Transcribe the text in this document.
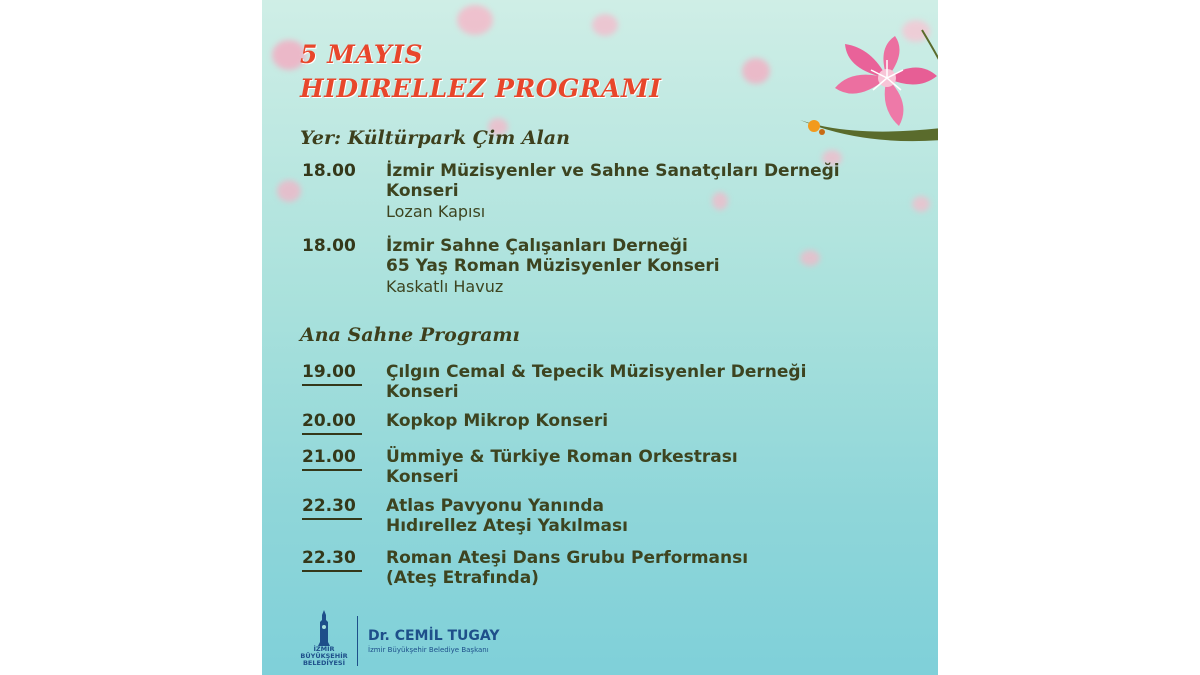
5 MAYIS
HIDIRELLEZ PROGRAMI
Yer: Kültürpark Çim Alan
18.00	İzmir Müzisyenler ve Sahne Sanatçıları Derneği
Konseri
Lozan Kapısı
18.00	İzmir Sahne Çalışanları Derneği
65 Yaş Roman Müzisyenler Konseri
Kaskatlı Havuz
Ana Sahne Programı
19.00	Çılgın Cemal & Tepecik Müzisyenler Derneği
Konseri
20.00	Kopkop Mikrop Konseri
21.00	Ümmiye & Türkiye Roman Orkestrası
Konseri
22.30	Atlas Pavyonu Yanında
Hıdırellez Ateşi Yakılması
22.30	Roman Ateşi Dans Grubu Performansı
(Ateş Etrafında)
İZMİR
BÜYÜKŞEHİR
BELEDİYESİ
Dr. CEMİL TUGAY
İzmir Büyükşehir Belediye Başkanı
